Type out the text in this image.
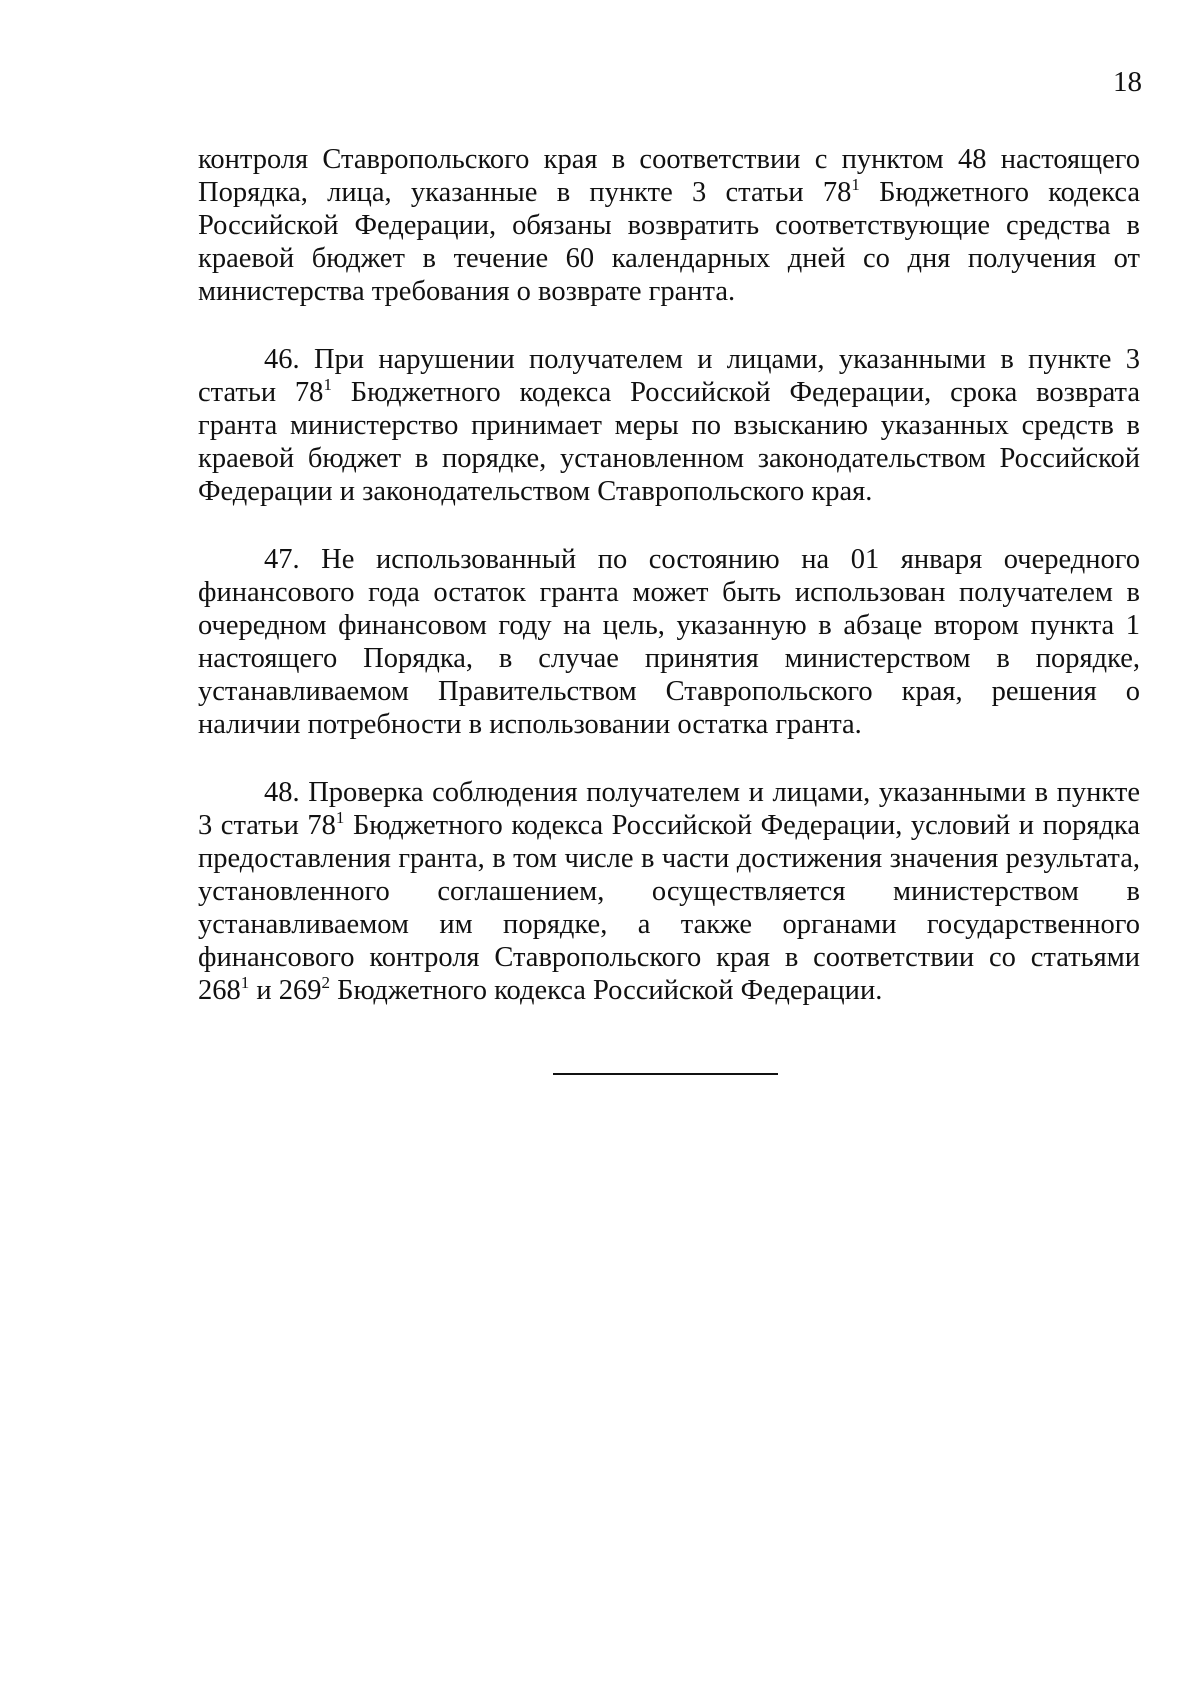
18

контроля Ставропольского края в соответствии с пунктом 48 настоящего Порядка, лица, указанные в пункте 3 статьи $78^1$ Бюджетного кодекса Российской Федерации, обязаны возвратить соответствующие средства в краевой бюджет в течение 60 календарных дней со дня получения от министерства требования о возврате гранта.

46. При нарушении получателем и лицами, указанными в пункте 3 статьи $78^1$ Бюджетного кодекса Российской Федерации, срока возврата гранта министерство принимает меры по взысканию указанных средств в краевой бюджет в порядке, установленном законодательством Российской Федерации и законодательством Ставропольского края.

47. Не использованный по состоянию на 01 января очередного финансового года остаток гранта может быть использован получателем в очередном финансовом году на цель, указанную в абзаце втором пункта 1 настоящего Порядка, в случае принятия министерством в порядке, устанавливаемом Правительством Ставропольского края, решения о наличии потребности в использовании остатка гранта.

48. Проверка соблюдения получателем и лицами, указанными в пункте 3 статьи $78^1$ Бюджетного кодекса Российской Федерации, условий и порядка предоставления гранта, в том числе в части достижения значения результата, установленного соглашением, осуществляется министерством в устанавливаемом им порядке, а также органами государственного финансового контроля Ставропольского края в соответствии со статьями $268^1$ и $269^2$ Бюджетного кодекса Российской Федерации.
